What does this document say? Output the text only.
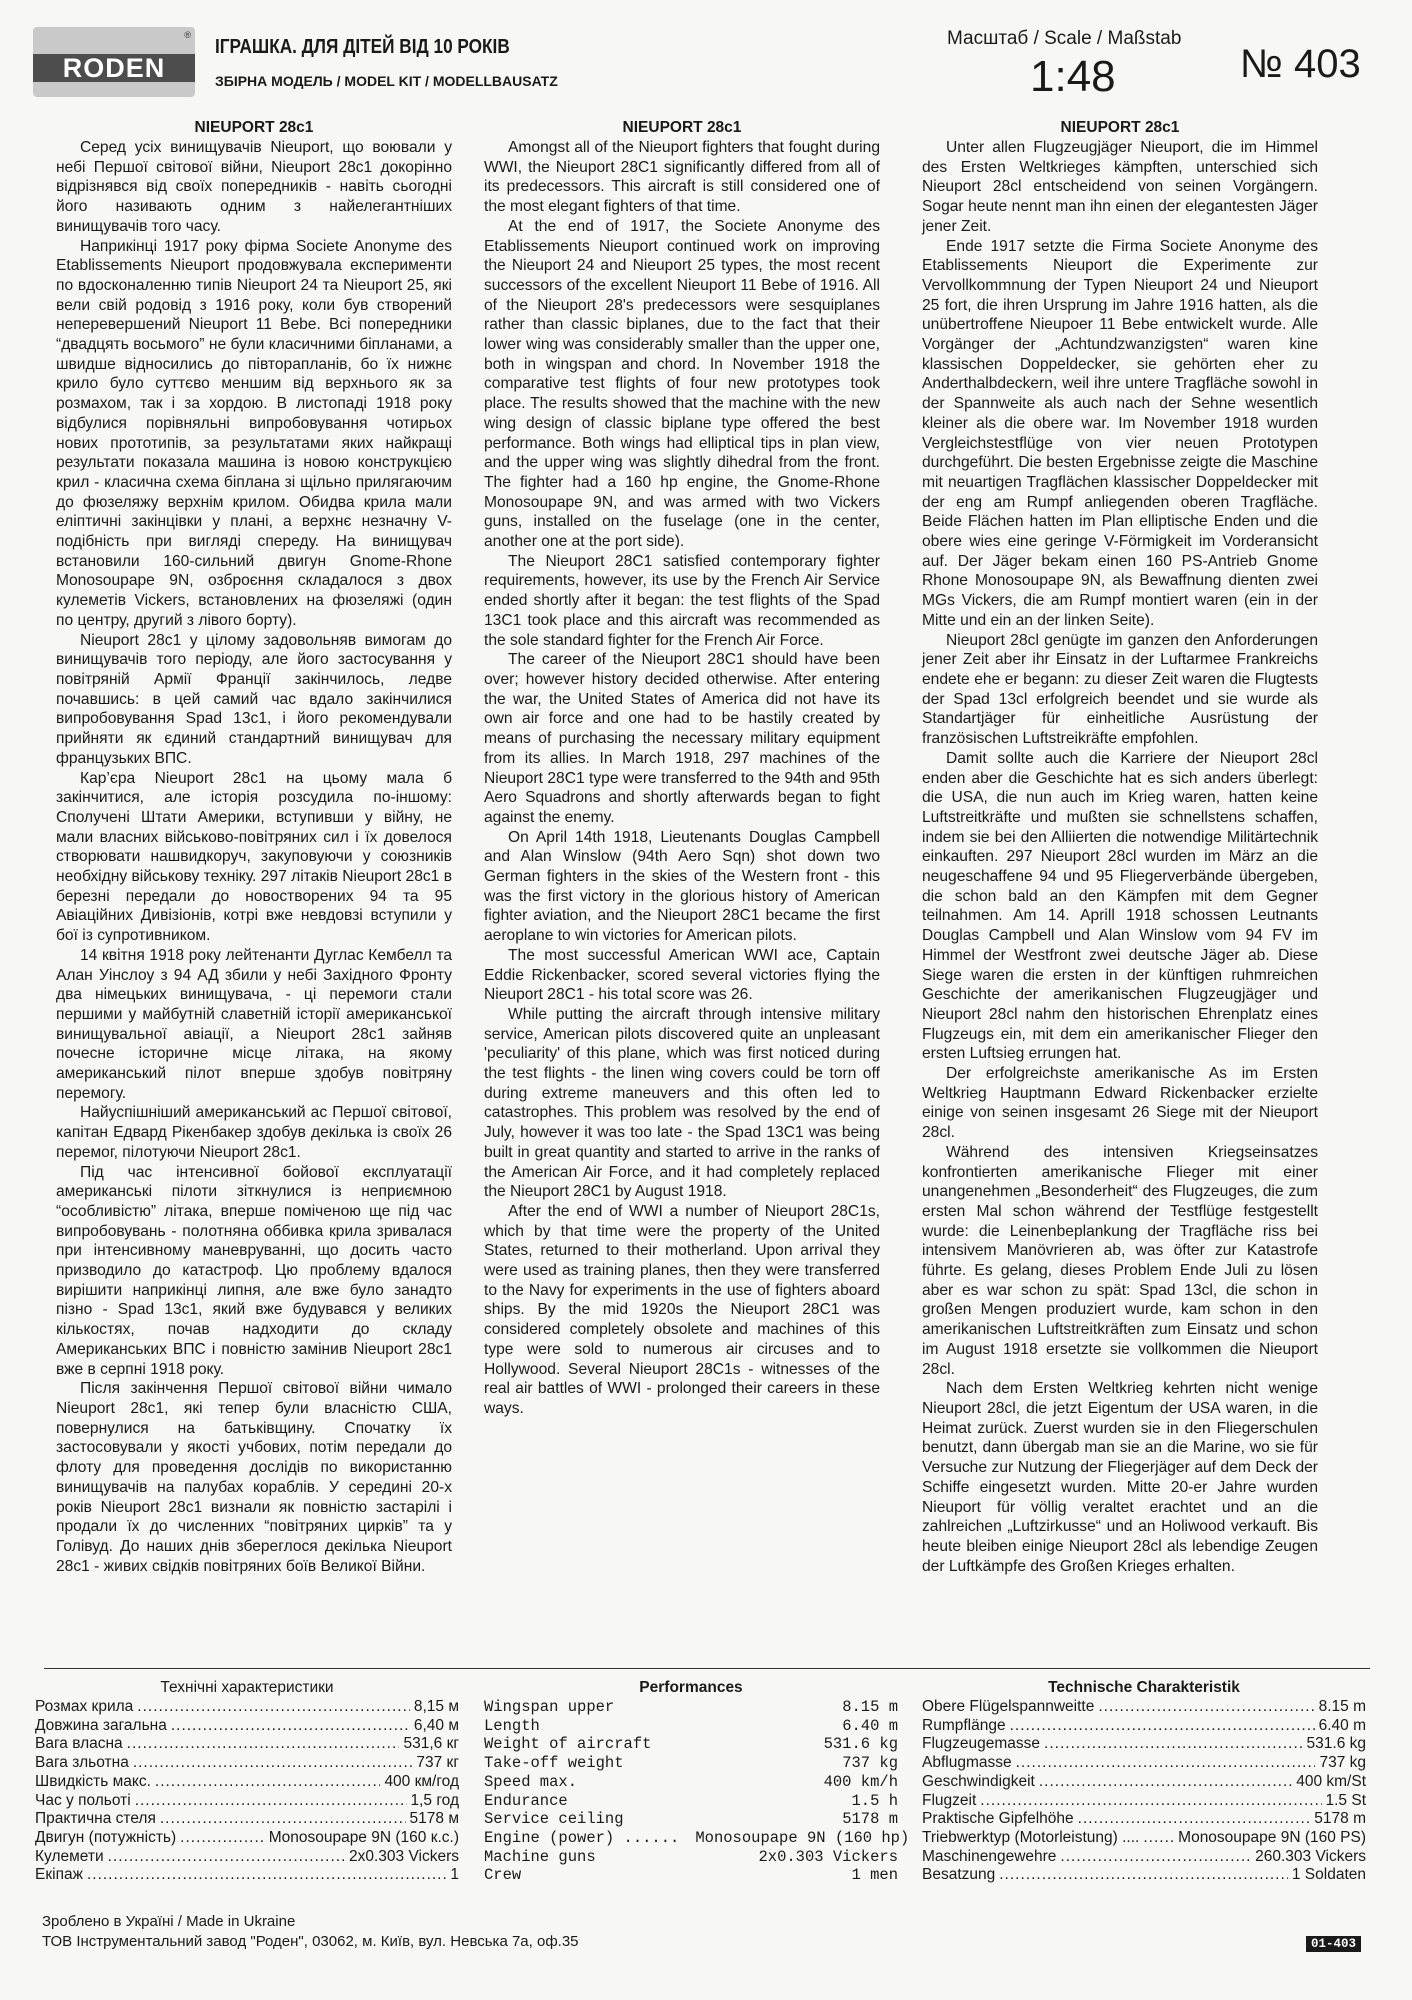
RODEN
®
ІГРАШКА. ДЛЯ ДІТЕЙ ВІД 10 РОКІВ
ЗБІРНА МОДЕЛЬ / MODEL KIT / MODELLBAUSATZ
Масштаб / Scale / Maßstab
1:48	№ 403
NIEUPORT 28c1

Серед усіх винищувачів Nieuport, що воювали у небі Першої світової війни, Nieuport 28c1 докорінно відрізнявся від своїх попередників - навіть сьогодні його називають одним з найелегантніших винищувачів того часу.

Наприкінці 1917 року фірма Societe Anonyme des Etablissements Nieuport продовжувала експерименти по вдосконаленню типів Nieuport 24 та Nieuport 25, які вели свій родовід з 1916 року, коли був створений неперевершений Nieuport 11 Bebe. Всі попередники “двадцять восьмого” не були класичними біпланами, а швидше відносились до півторапланів, бо їх нижнє крило було суттєво меншим від верхнього як за розмахом, так і за хордою. В листопаді 1918 року відбулися порівняльні випробовування чотирьох нових прототипів, за результатами яких найкращі результати показала машина із новою конструкцією крил - класична схема біплана зі щільно прилягаючим до фюзеляжу верхнім крилом. Обидва крила мали еліптичні закінцівки у плані, а верхнє незначну V-подібність при вигляді спереду. На винищувач встановили 160-сильний двигун Gnome-Rhone Monosoupape 9N, озброєння складалося з двох кулеметів Vickers, встановлених на фюзеляжі (один по центру, другий з лівого борту).

Nieuport 28c1 у цілому задовольняв вимогам до винищувачів того періоду, але його застосування у повітряній Армії Франції закінчилось, ледве почавшись: в цей самий час вдало закінчилися випробовування Spad 13c1, і його рекомендували прийняти як єдиний стандартний винищувач для французьких ВПС.

Кар’єра Nieuport 28c1 на цьому мала б закінчитися, але історія розсудила по-іншому: Сполучені Штати Америки, вступивши у війну, не мали власних військово-повітряних сил і їх довелося створювати нашвидкоруч, закуповуючи у союзників необхідну військову техніку. 297 літаків Nieuport 28c1 в березні передали до новостворених 94 та 95 Авіаційних Дивізіонів, котрі вже невдовзі вступили у бої із супротивником.

14 квітня 1918 року лейтенанти Дуглас Кембелл та Алан Уінслоу з 94 АД збили у небі Західного Фронту два німецьких винищувача, - ці перемоги стали першими у майбутній славетній історії американської винищувальної авіації, а Nieuport 28c1 зайняв почесне історичне місце літака, на якому американський пілот вперше здобув повітряну перемогу.

Найуспішніший американський ас Першої світової, капітан Едвард Рікенбакер здобув декілька із своїх 26 перемог, пілотуючи Nieuport 28c1.

Під час інтенсивної бойової експлуатації американські пілоти зіткнулися із неприємною “особливістю” літака, вперше поміченою ще під час випробовувань - полотняна оббивка крила зривалася при інтенсивному маневруванні, що досить часто призводило до катастроф. Цю проблему вдалося вирішити наприкінці липня, але вже було занадто пізно - Spad 13c1, який вже будувався у великих кількостях, почав надходити до складу Американських ВПС і повністю замінив Nieuport 28c1 вже в серпні 1918 року.

Після закінчення Першої світової війни чимало Nieuport 28c1, які тепер були власністю США, повернулися на батьківщину. Спочатку їх застосовували у якості учбових, потім передали до флоту для проведення дослідів по використанню винищувачів на палубах кораблів. У середині 20-х років Nieuport 28c1 визнали як повністю застарілі і продали їх до численних “повітряних цирків” та у Голівуд. До наших днів збереглося декілька Nieuport 28c1 - живих свідків повітряних боїв Великої Війни.

NIEUPORT 28c1

Amongst all of the Nieuport fighters that fought during WWI, the Nieuport 28C1 significantly differed from all of its predecessors. This aircraft is still considered one of the most elegant fighters of that time.

At the end of 1917, the Societe Anonyme des Etablissements Nieuport continued work on improving the Nieuport 24 and Nieuport 25 types, the most recent successors of the excellent Nieuport 11 Bebe of 1916. All of the Nieuport 28's predecessors were sesquiplanes rather than classic biplanes, due to the fact that their lower wing was considerably smaller than the upper one, both in wingspan and chord. In November 1918 the comparative test flights of four new prototypes took place. The results showed that the machine with the new wing design of classic biplane type offered the best performance. Both wings had elliptical tips in plan view, and the upper wing was slightly dihedral from the front. The fighter had a 160 hp engine, the Gnome-Rhone Monosoupape 9N, and was armed with two Vickers guns, installed on the fuselage (one in the center, another one at the port side).

The Nieuport 28C1 satisfied contemporary fighter requirements, however, its use by the French Air Service ended shortly after it began: the test flights of the Spad 13C1 took place and this aircraft was recommended as the sole standard fighter for the French Air Force.

The career of the Nieuport 28C1 should have been over; however history decided otherwise. After entering the war, the United States of America did not have its own air force and one had to be hastily created by means of purchasing the necessary military equipment from its allies. In March 1918, 297 machines of the Nieuport 28C1 type were transferred to the 94th and 95th Aero Squadrons and shortly afterwards began to fight against the enemy.

On April 14th 1918, Lieutenants Douglas Campbell and Alan Winslow (94th Aero Sqn) shot down two German fighters in the skies of the Western front - this was the first victory in the glorious history of American fighter aviation, and the Nieuport 28C1 became the first aeroplane to win victories for American pilots.

The most successful American WWI ace, Captain Eddie Rickenbacker, scored several victories flying the Nieuport 28C1 - his total score was 26.

While putting the aircraft through intensive military service, American pilots discovered quite an unpleasant 'peculiarity' of this plane, which was first noticed during the test flights - the linen wing covers could be torn off during extreme maneuvers and this often led to catastrophes. This problem was resolved by the end of July, however it was too late - the Spad 13C1 was being built in great quantity and started to arrive in the ranks of the American Air Force, and it had completely replaced the Nieuport 28C1 by August 1918.

After the end of WWI a number of Nieuport 28C1s, which by that time were the property of the United States, returned to their motherland. Upon arrival they were used as training planes, then they were transferred to the Navy for experiments in the use of fighters aboard ships. By the mid 1920s the Nieuport 28C1 was considered completely obsolete and machines of this type were sold to numerous air circuses and to Hollywood. Several Nieuport 28C1s - witnesses of the real air battles of WWI - prolonged their careers in these ways.

NIEUPORT 28c1

Unter allen Flugzeugjäger Nieuport, die im Himmel des Ersten Weltkrieges kämpften, unterschied sich Nieuport 28cl entscheidend von seinen Vorgängern. Sogar heute nennt man ihn einen der elegantesten Jäger jener Zeit.

Ende 1917 setzte die Firma Societe Anonyme des Etablissements Nieuport die Experimente zur Vervollkommnung der Typen Nieuport 24 und Nieuport 25 fort, die ihren Ursprung im Jahre 1916 hatten, als die unübertroffene Nieupoer 11 Bebe entwickelt wurde. Alle Vorgänger der „Achtundzwanzigsten“ waren kine klassischen Doppeldecker, sie gehörten eher zu Anderthalbdeckern, weil ihre untere Tragfläche sowohl in der Spannweite als auch nach der Sehne wesentlich kleiner als die obere war. Im November 1918 wurden Vergleichstestflüge von vier neuen Prototypen durchgeführt. Die besten Ergebnisse zeigte die Maschine mit neuartigen Tragflächen klassischer Doppeldecker mit der eng am Rumpf anliegenden oberen Tragfläche. Beide Flächen hatten im Plan elliptische Enden und die obere wies eine geringe V-Förmigkeit im Vorderansicht auf. Der Jäger bekam einen 160 PS-Antrieb Gnome Rhone Monosoupape 9N, als Bewaffnung dienten zwei MGs Vickers, die am Rumpf montiert waren (ein in der Mitte und ein an der linken Seite).

Nieuport 28cl genügte im ganzen den Anforderungen jener Zeit aber ihr Einsatz in der Luftarmee Frankreichs endete ehe er begann: zu dieser Zeit waren die Flugtests der Spad 13cl erfolgreich beendet und sie wurde als Standartjäger für einheitliche Ausrüstung der französischen Luftstreikräfte empfohlen.

Damit sollte auch die Karriere der Nieuport 28cl enden aber die Geschichte hat es sich anders überlegt: die USA, die nun auch im Krieg waren, hatten keine Luftstreitkräfte und mußten sie schnellstens schaffen, indem sie bei den Alliierten die notwendige Militärtechnik einkauften. 297 Nieuport 28cl wurden im März an die neugeschaffene 94 und 95 Fliegerverbände übergeben, die schon bald an den Kämpfen mit dem Gegner teilnahmen. Am 14. Aprill 1918 schossen Leutnants Douglas Campbell und Alan Winslow vom 94 FV im Himmel der Westfront zwei deutsche Jäger ab. Diese Siege waren die ersten in der künftigen ruhmreichen Geschichte der amerikanischen Flugzeugjäger und Nieuport 28cl nahm den historischen Ehrenplatz eines Flugzeugs ein, mit dem ein amerikanischer Flieger den ersten Luftsieg errungen hat.

Der erfolgreichste amerikanische As im Ersten Weltkrieg Hauptmann Edward Rickenbacker erzielte einige von seinen insgesamt 26 Siege mit der Nieuport 28cl.

Während des intensiven Kriegseinsatzes konfrontierten amerikanische Flieger mit einer unangenehmen „Besonderheit“ des Flugzeuges, die zum ersten Mal schon während der Testflüge festgestellt wurde: die Leinenbeplankung der Tragfläche riss bei intensivem Manövrieren ab, was öfter zur Katastrofe führte. Es gelang, dieses Problem Ende Juli zu lösen aber es war schon zu spät: Spad 13cl, die schon in großen Mengen produziert wurde, kam schon in den amerikanischen Luftstreitkräften zum Einsatz und schon im August 1918 ersetzte sie vollkommen die Nieuport 28cl.

Nach dem Ersten Weltkrieg kehrten nicht wenige Nieuport 28cl, die jetzt Eigentum der USA waren, in die Heimat zurück. Zuerst wurden sie in den Fliegerschulen benutzt, dann übergab man sie an die Marine, wo sie für Versuche zur Nutzung der Fliegerjäger auf dem Deck der Schiffe eingesetzt wurden. Mitte 20-er Jahre wurden Nieuport für völlig veraltet erachtet und an die zahlreichen „Luftzirkusse“ und an Holiwood verkauft. Bis heute bleiben einige Nieuport 28cl als lebendige Zeugen der Luftkämpfe des Großen Krieges erhalten.

Технічні характеристики
Розмах крила .....	8,15 м
Довжина загальна .....	6,40 м
Вага власна .....	531,6 кг
Вага зльотна .....	737 кг
Швидкість макс. .....	400 км/год
Час у польоті .....	1,5 год
Практична стеля .....	5178 м
Двигун (потужність) .....	Monosoupape 9N (160 к.с.)
Кулемети .....	2x0.303 Vickers
Екіпаж .....	1
Performances
Wingspan upper	8.15 m
Length	6.40 m
Weight of aircraft	531.6 kg
Take-off weight	737 kg
Speed max.	400 km/h
Endurance	1.5 h
Service ceiling	5178 m
Engine (power) ...... Monosoupape 9N (160 hp)
Machine guns	2x0.303 Vickers
Crew	1 men
Technische Charakteristik
Obere Flügelspannweitte .....	8.15 m
Rumpflänge .....	6.40 m
Flugzeugemasse .....	531.6 kg
Abflugmasse .....	737 kg
Geschwindigkeit .....	400 km/St
Flugzeit .....	1.5 St
Praktische Gipfelhöhe .....	5178 m
Triebwerktyp (Motorleistung) .... .....	Monosoupape 9N (160 PS)
Maschinengewehre .....	260.303 Vickers
Besatzung .....	1 Soldaten
Зроблено в Україні / Made in Ukraine
ТОВ Інструментальний завод "Роден", 03062, м. Київ, вул. Невська 7а, оф.35	01-403
